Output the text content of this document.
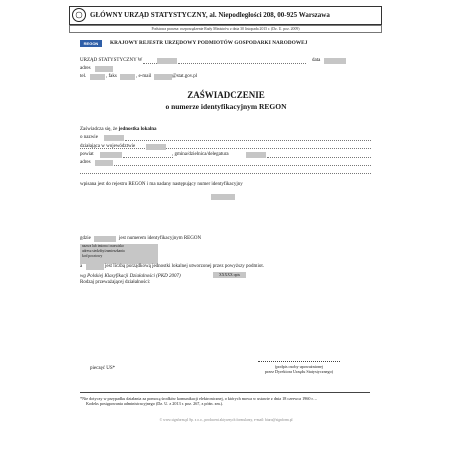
GŁÓWNY URZĄD STATYSTYCZNY, al. Niepodległości 208, 00-925 Warszawa
Podstawa prawna: rozporządzenie Rady Ministrów z dnia 30 listopada 2015 r. (Dz. U. poz. 2009)
REGON	KRAJOWY REJESTR URZĘDOWY PODMIOTÓW GOSPODARKI NARODOWEJ
URZĄD STATYSTYCZNY W	data
adres
tel.	, faks	, e-mail	@stat.gov.pl
ZAŚWIADCZENIE
o numerze identyfikacyjnym REGON
Zaświadcza się, że jednostka lokalna
o nazwie
działająca w województwie
powiat	, gmina/dzielnica/delegatura
adres
wpisana jest do rejestru REGON i ma nadany następujący numer identyfikacyjny
gdzie	jest numerem identyfikacyjnym REGON
nazwa lub imiona i nazwisko
adresu siedziby/zamieszkania
kod pocztowy
a	jest liczbą porządkową jednostki lokalnej utworzonej przez powyższy podmiot.
Rodzaj przeważającej działalności:
wg Polskiej Klasyfikacji Działalności (PKD 2007)	XXXXX opis
pieczęć US*	(podpis osoby upoważnionej
przez Dyrektora Urzędu Statystycznego)
*Nie dotyczy w przypadku działania za pomocą środków komunikacji elektronicznej, o których mowa w ustawie z dnia 18 czerwca 1960 r. –
Kodeks postępowania administracyjnego (Dz. U. z 2013 r. poz. 267, z późn. zm.).
© www.signform.pl Sp. z o.o., producent aktywnych formularzy, e-mail: biuro@signform.pl
